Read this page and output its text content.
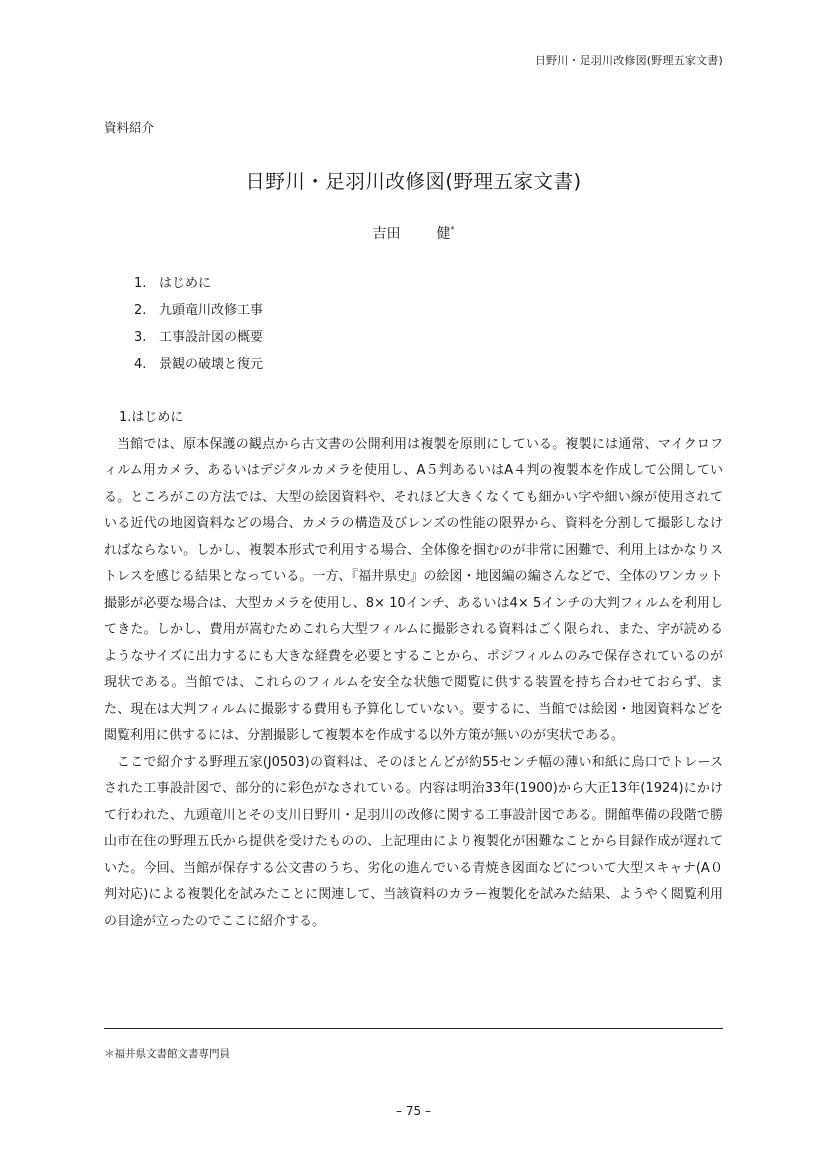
日野川・足羽川改修図(野理五家文書)
資料紹介
日野川・足羽川改修図(野理五家文書)
吉田	健*
1. はじめに
2. 九頭竜川改修工事
3. 工事設計図の概要
4. 景観の破壊と復元
1.はじめに

当館では、原本保護の観点から古文書の公開利用は複製を原則にしている。複製には通常、マイクロフィルム用カメラ、あるいはデジタルカメラを使用し、A５判あるいはA４判の複製本を作成して公開している。ところがこの方法では、大型の絵図資料や、それほど大きくなくても細かい字や細い線が使用されている近代の地図資料などの場合、カメラの構造及びレンズの性能の限界から、資料を分割して撮影しなければならない。しかし、複製本形式で利用する場合、全体像を掴むのが非常に困難で、利用上はかなりストレスを感じる結果となっている。一方、『福井県史』の絵図・地図編の編さんなどで、全体のワンカット撮影が必要な場合は、大型カメラを使用し、8× 10インチ、あるいは4× 5インチの大判フィルムを利用してきた。しかし、費用が嵩むためこれら大型フィルムに撮影される資料はごく限られ、また、字が読めるようなサイズに出力するにも大きな経費を必要とすることから、ポジフィルムのみで保存されているのが現状である。当館では、これらのフィルムを安全な状態で閲覧に供する装置を持ち合わせておらず、また、現在は大判フィルムに撮影する費用も予算化していない。要するに、当館では絵図・地図資料などを閲覧利用に供するには、分割撮影して複製本を作成する以外方策が無いのが実状である。

ここで紹介する野理五家(J0503)の資料は、そのほとんどが約55センチ幅の薄い和紙に烏口でトレースされた工事設計図で、部分的に彩色がなされている。内容は明治33年(1900)から大正13年(1924)にかけて行われた、九頭竜川とその支川日野川・足羽川の改修に関する工事設計図である。開館準備の段階で勝山市在住の野理五氏から提供を受けたものの、上記理由により複製化が困難なことから目録作成が遅れていた。今回、当館が保存する公文書のうち、劣化の進んでいる青焼き図面などについて大型スキャナ(A０判対応)による複製化を試みたことに関連して、当該資料のカラー複製化を試みた結果、ようやく閲覧利用の目途が立ったのでここに紹介する。

＊福井県文書館文書専門員
– 75 –
